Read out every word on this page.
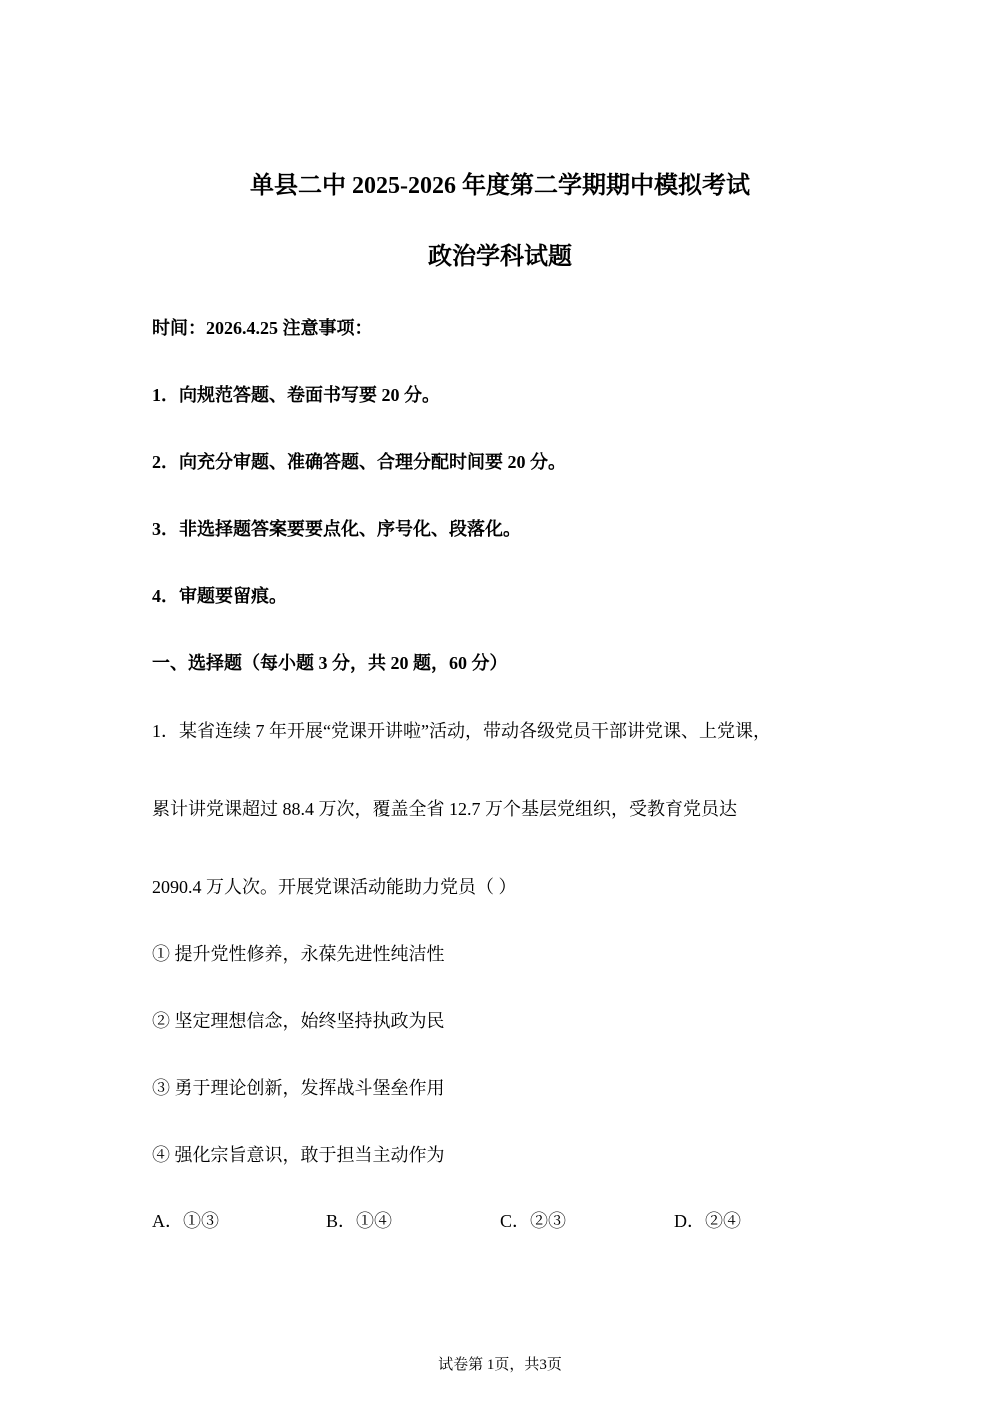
单县二中 2025-2026 年度第二学期期中模拟考试
政治学科试题
时间：2026.4.25 注意事项：
1．向规范答题、卷面书写要 20 分。
2．向充分审题、准确答题、合理分配时间要 20 分。
3．非选择题答案要要点化、序号化、段落化。
4．审题要留痕。
一、选择题（每小题 3 分，共 20 题，60 分）
1．某省连续 7 年开展“党课开讲啦”活动，带动各级党员干部讲党课、上党课，
累计讲党课超过 88.4 万次，覆盖全省 12.7 万个基层党组织，受教育党员达
2090.4 万人次。开展党课活动能助力党员（ ）
① 提升党性修养，永葆先进性纯洁性
② 坚定理想信念，始终坚持执政为民
③ 勇于理论创新，发挥战斗堡垒作用
④ 强化宗旨意识，敢于担当主动作为
A．①③	B．①④	C．②③	D．②④
试卷第 1页，共3页
